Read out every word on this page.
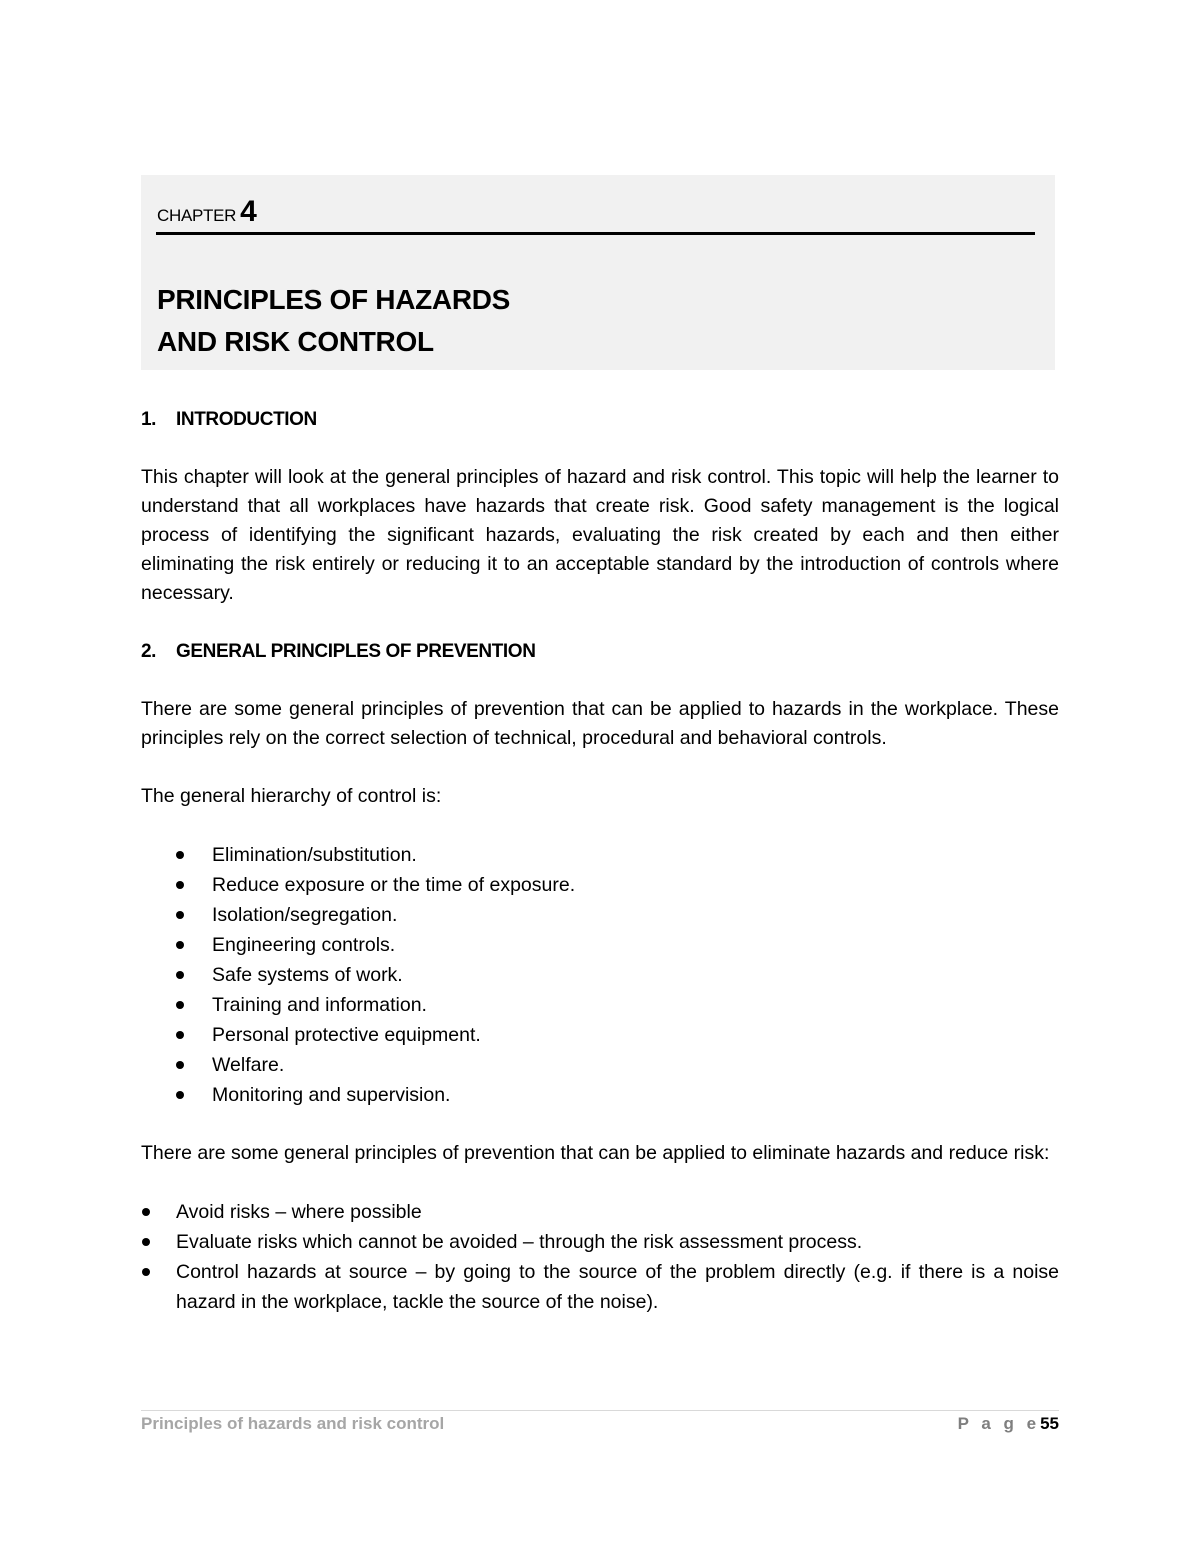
CHAPTER 4
PRINCIPLES OF HAZARDS
AND RISK CONTROL
1.	INTRODUCTION

This chapter will look at the general principles of hazard and risk control. This topic will help the learner to understand that all workplaces have hazards that create risk. Good safety management is the logical process of identifying the significant hazards, evaluating the risk created by each and then either eliminating the risk entirely or reducing it to an acceptable standard by the introduction of controls where necessary.

2.	GENERAL PRINCIPLES OF PREVENTION

There are some general principles of prevention that can be applied to hazards in the workplace. These principles rely on the correct selection of technical, procedural and behavioral controls.

The general hierarchy of control is:

Elimination/substitution.
Reduce exposure or the time of exposure.
Isolation/segregation.
Engineering controls.
Safe systems of work.
Training and information.
Personal protective equipment.
Welfare.
Monitoring and supervision.

There are some general principles of prevention that can be applied to eliminate hazards and reduce risk:

Avoid risks – where possible
Evaluate risks which cannot be avoided – through the risk assessment process.
Control hazards at source – by going to the source of the problem directly (e.g. if there is a noise hazard in the workplace, tackle the source of the noise).
Principles of hazards and risk control	P a g e55
